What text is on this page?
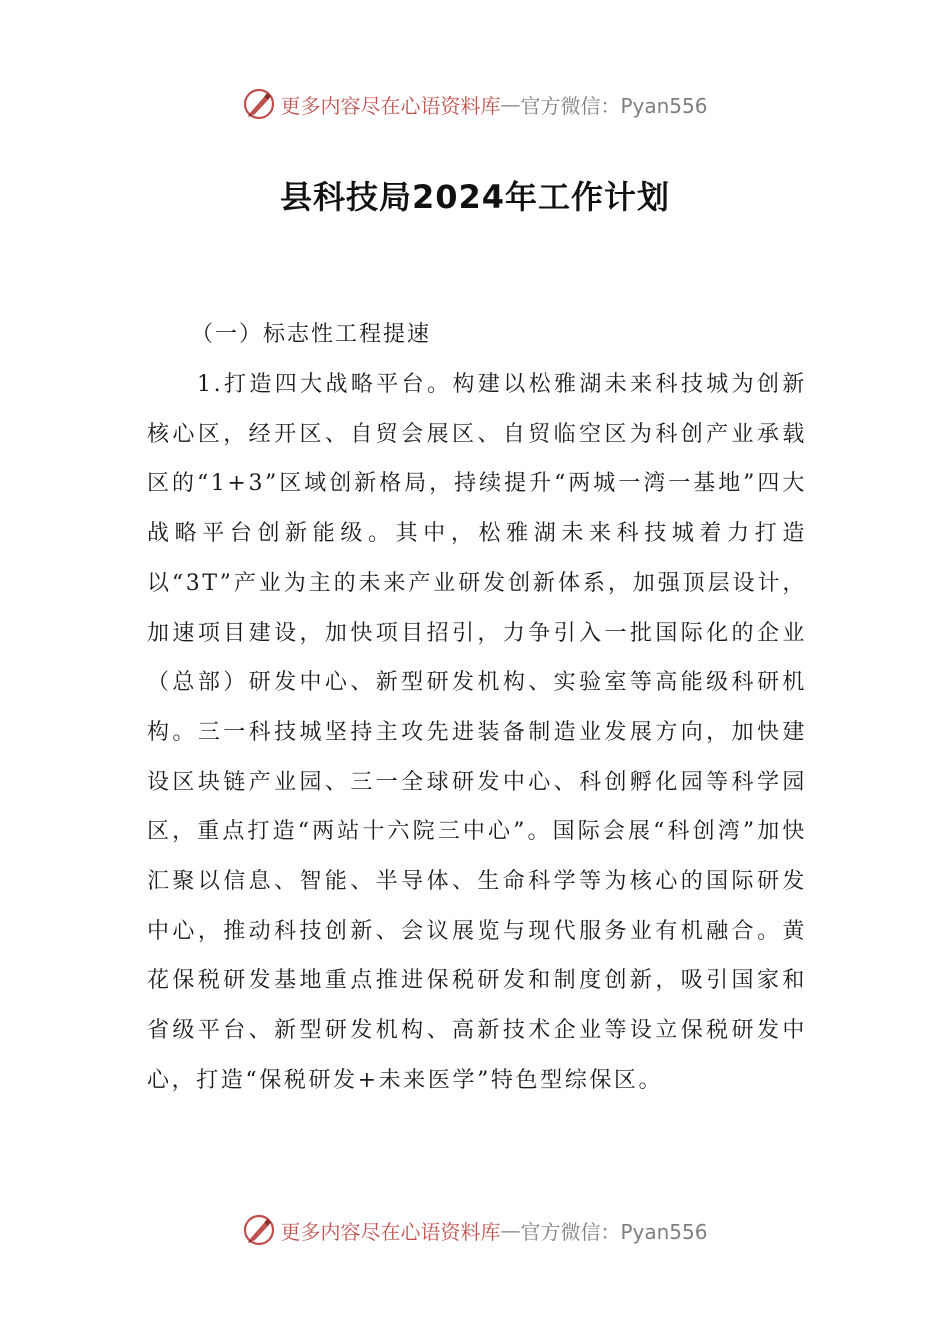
更多内容尽在心语资料库 — 官方微信：Pyan556
县科技局2024年工作计划

（一）标志性工程提速

1.打造四大战略平台。构建以松雅湖未来科技城为创新核心区，经开区、自贸会展区、自贸临空区为科创产业承载区的“1+3”区域创新格局，持续提升“两城一湾一基地”四大战略平台创新能级。其中，松雅湖未来科技城着力打造以“3T”产业为主的未来产业研发创新体系，加强顶层设计，加速项目建设，加快项目招引，力争引入一批国际化的企业（总部）研发中心、新型研发机构、实验室等高能级科研机构。三一科技城坚持主攻先进装备制造业发展方向，加快建设区块链产业园、三一全球研发中心、科创孵化园等科学园区，重点打造“两站十六院三中心”。国际会展“科创湾”加快汇聚以信息、智能、半导体、生命科学等为核心的国际研发中心，推动科技创新、会议展览与现代服务业有机融合。黄花保税研发基地重点推进保税研发和制度创新，吸引国家和省级平台、新型研发机构、高新技术企业等设立保税研发中心，打造“保税研发+未来医学”特色型综保区。

更多内容尽在心语资料库 — 官方微信：Pyan556
